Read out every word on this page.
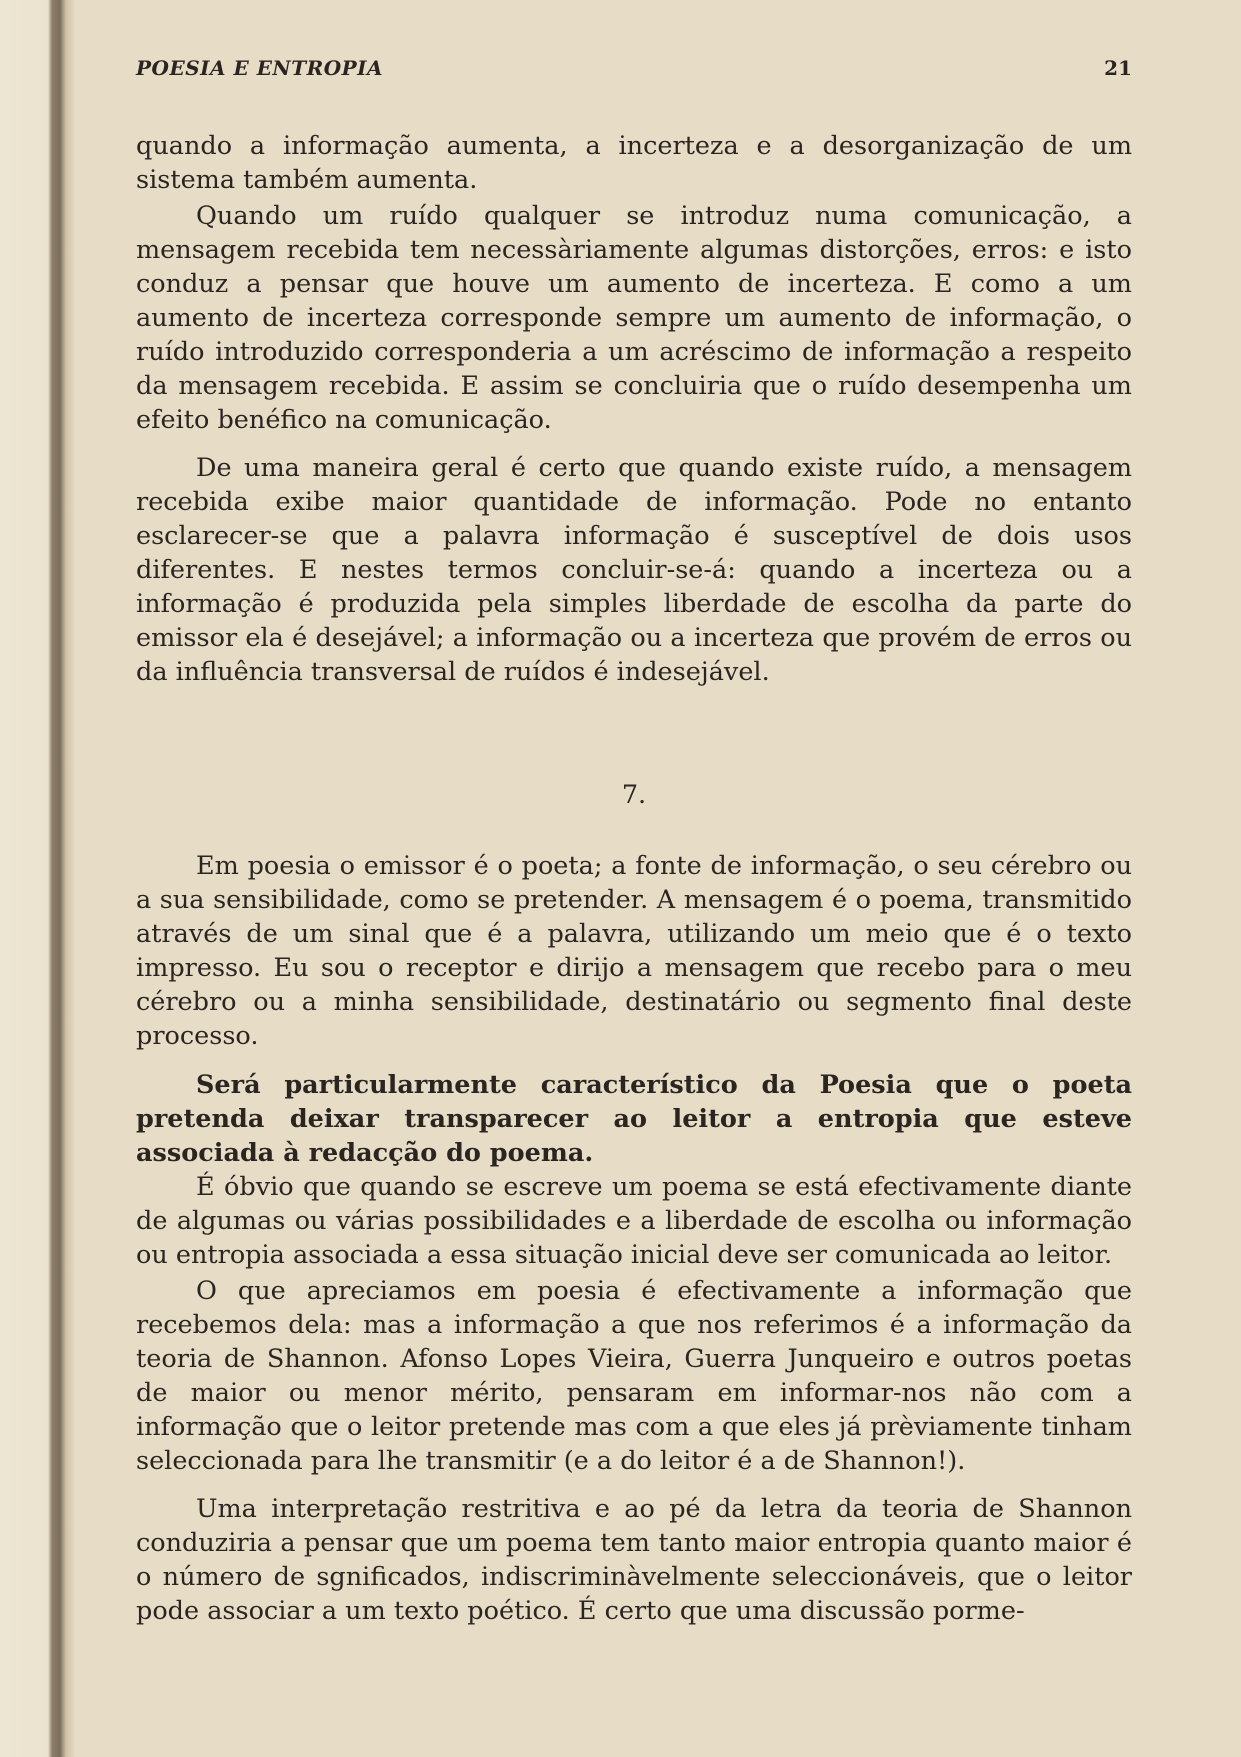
POESIA E ENTROPIA	21

quando a informação aumenta, a incerteza e a desorganização de um sistema também aumenta.

Quando um ruído qualquer se introduz numa comunicação, a mensagem recebida tem necessàriamente algumas distorções, erros: e isto conduz a pensar que houve um aumento de incerteza. E como a um aumento de incerteza corresponde sempre um aumento de informação, o ruído introduzido corresponderia a um acréscimo de informação a respeito da mensagem recebida. E assim se concluiria que o ruído desempenha um efeito benéfico na comunicação.

De uma maneira geral é certo que quando existe ruído, a mensagem recebida exibe maior quantidade de informação. Pode no entanto esclarecer-se que a palavra informação é susceptível de dois usos diferentes. E nestes termos concluir-se-á: quando a incerteza ou a informação é produzida pela simples liberdade de escolha da parte do emissor ela é desejável; a informação ou a incerteza que provém de erros ou da influência transversal de ruídos é indesejável.

7.

Em poesia o emissor é o poeta; a fonte de informação, o seu cérebro ou a sua sensibilidade, como se pretender. A mensagem é o poema, transmitido através de um sinal que é a palavra, utilizando um meio que é o texto impresso. Eu sou o receptor e dirijo a mensagem que recebo para o meu cérebro ou a minha sensibilidade, destinatário ou segmento final deste processo.

Será particularmente característico da Poesia que o poeta pretenda deixar transparecer ao leitor a entropia que esteve associada à redacção do poema.

É óbvio que quando se escreve um poema se está efectivamente diante de algumas ou várias possibilidades e a liberdade de escolha ou informação ou entropia associada a essa situação inicial deve ser comunicada ao leitor.

O que apreciamos em poesia é efectivamente a informação que recebemos dela: mas a informação a que nos referimos é a informação da teoria de Shannon. Afonso Lopes Vieira, Guerra Junqueiro e outros poetas de maior ou menor mérito, pensaram em informar-nos não com a informação que o leitor pretende mas com a que eles já prèviamente tinham seleccionada para lhe transmitir (e a do leitor é a de Shannon!).

Uma interpretação restritiva e ao pé da letra da teoria de Shannon conduziria a pensar que um poema tem tanto maior entropia quanto maior é o número de sgnificados, indiscriminàvelmente seleccionáveis, que o leitor pode associar a um texto poético. É certo que uma discussão porme-
